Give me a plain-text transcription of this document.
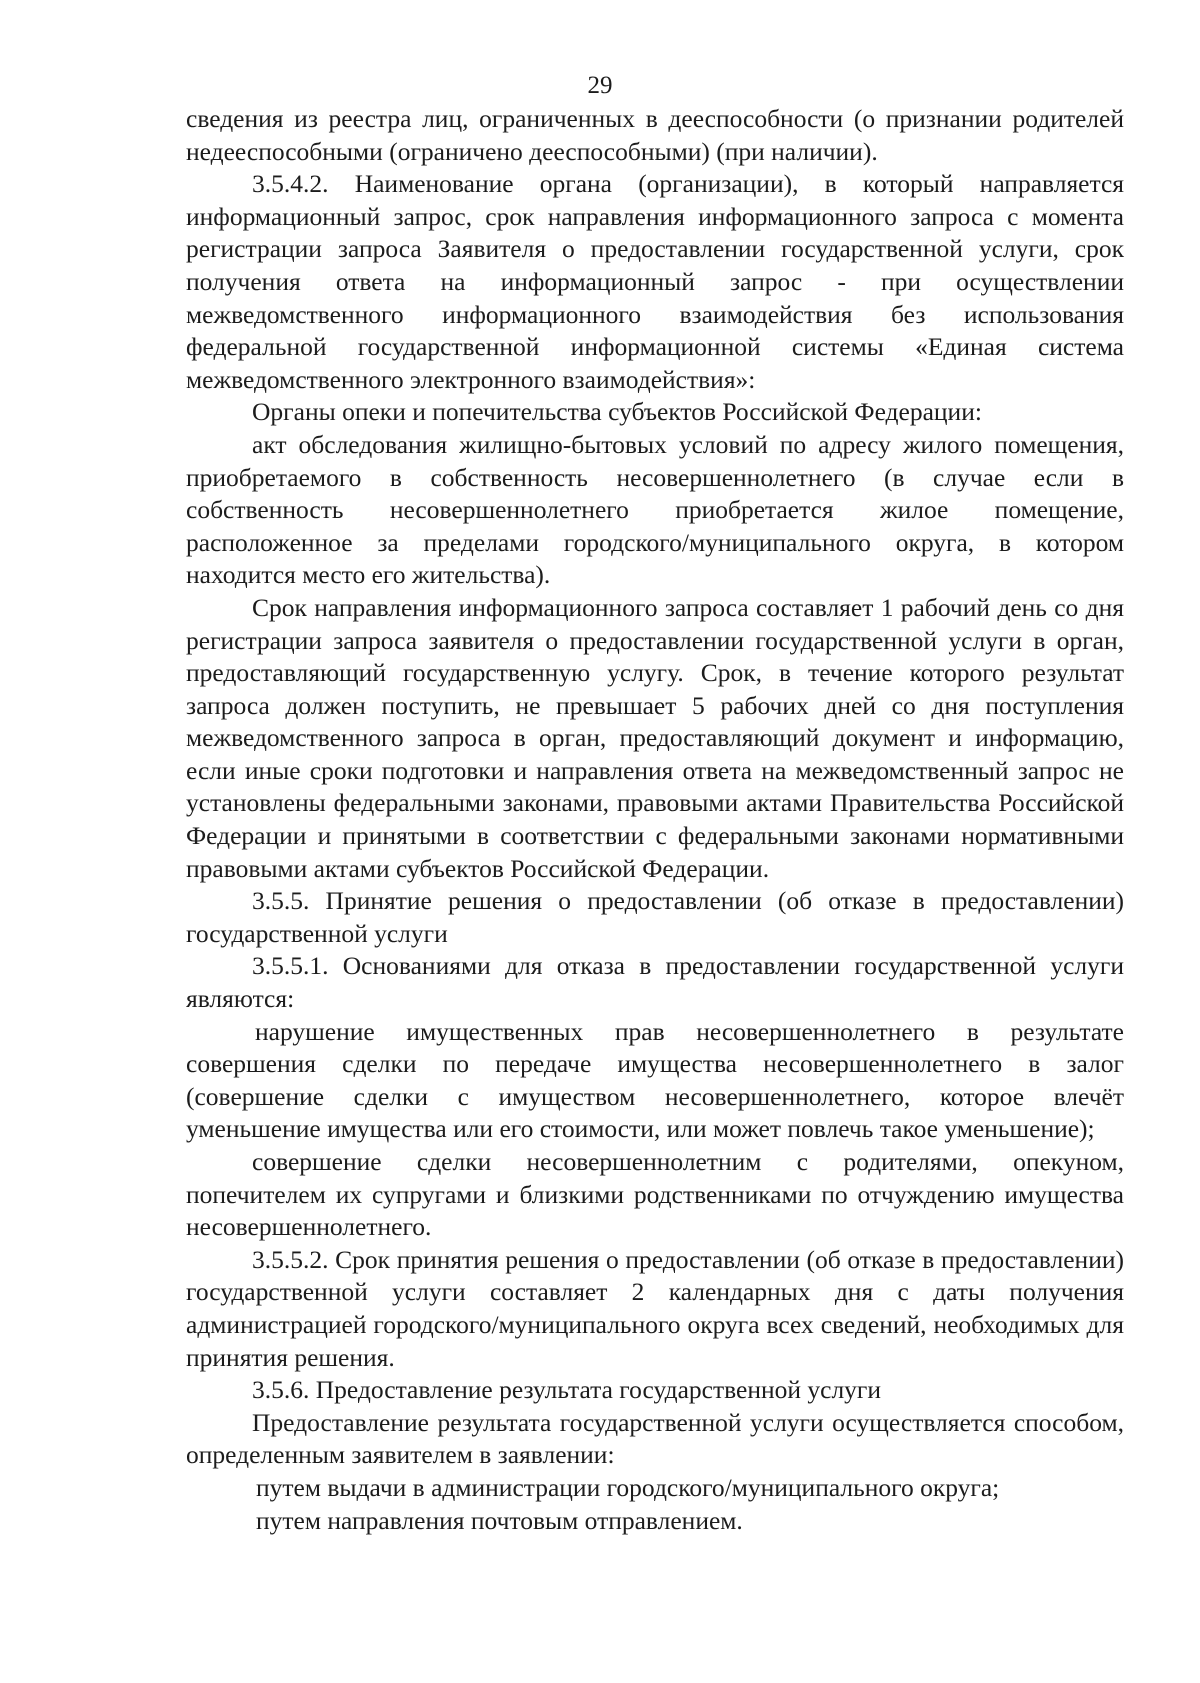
29

сведения из реестра лиц, ограниченных в дееспособности (о признании родителей недееспособными (ограничено дееспособными) (при наличии).

3.5.4.2. Наименование органа (организации), в который направляется информационный запрос, срок направления информационного запроса с момента регистрации запроса Заявителя о предоставлении государственной услуги, срок получения ответа на информационный запрос - при осуществлении межведомственного информационного взаимодействия без использования федеральной государственной информационной системы «Единая система межведомственного электронного взаимодействия»:

Органы опеки и попечительства субъектов Российской Федерации:

акт обследования жилищно-бытовых условий по адресу жилого помещения, приобретаемого в собственность несовершеннолетнего (в случае если в собственность несовершеннолетнего приобретается жилое помещение, расположенное за пределами городского/муниципального округа, в котором находится место его жительства).

Срок направления информационного запроса составляет 1 рабочий день со дня регистрации запроса заявителя о предоставлении государственной услуги в орган, предоставляющий государственную услугу. Срок, в течение которого результат запроса должен поступить, не превышает 5 рабочих дней со дня поступления межведомственного запроса в орган, предоставляющий документ и информацию, если иные сроки подготовки и направления ответа на межведомственный запрос не установлены федеральными законами, правовыми актами Правительства Российской Федерации и принятыми в соответствии с федеральными законами нормативными правовыми актами субъектов Российской Федерации.

3.5.5. Принятие решения о предоставлении (об отказе в предоставлении) государственной услуги

3.5.5.1. Основаниями для отказа в предоставлении государственной услуги являются:

нарушение имущественных прав несовершеннолетнего в результате совершения сделки по передаче имущества несовершеннолетнего в залог (совершение сделки с имуществом несовершеннолетнего, которое влечёт уменьшение имущества или его стоимости, или может повлечь такое уменьшение);

совершение сделки несовершеннолетним с родителями, опекуном, попечителем их супругами и близкими родственниками по отчуждению имущества несовершеннолетнего.

3.5.5.2. Срок принятия решения о предоставлении (об отказе в предоставлении) государственной услуги составляет 2 календарных дня с даты получения администрацией городского/муниципального округа всех сведений, необходимых для принятия решения.

3.5.6. Предоставление результата государственной услуги

Предоставление результата государственной услуги осуществляется способом, определенным заявителем в заявлении:

путем выдачи в администрации городского/муниципального округа;

путем направления почтовым отправлением.
